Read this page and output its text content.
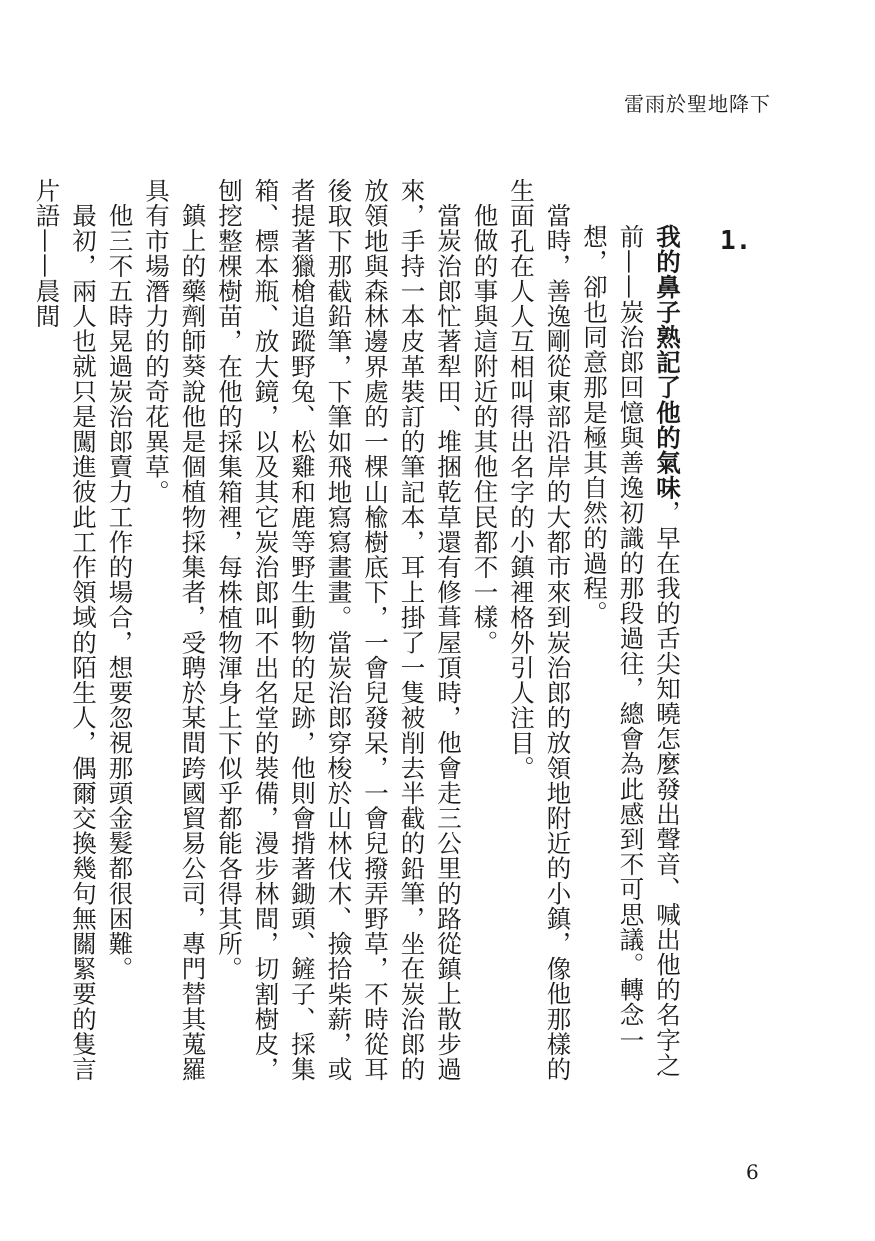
雷雨於聖地降下
1.

我的鼻子熟記了他的氣味，早在我的舌尖知曉怎麼發出聲音、喊出他的名字之前——炭治郎回憶與善逸初識的那段過往，總會為此感到不可思議。轉念一想，卻也同意那是極其自然的過程。

當時，善逸剛從東部沿岸的大都市來到炭治郎的放領地附近的小鎮，像他那樣的生面孔在人人互相叫得出名字的小鎮裡格外引人注目。

他做的事與這附近的其他住民都不一樣。

當炭治郎忙著犁田、堆捆乾草還有修葺屋頂時，他會走三公里的路從鎮上散步過來，手持一本皮革裝訂的筆記本，耳上掛了一隻被削去半截的鉛筆，坐在炭治郎的放領地與森林邊界處的一棵山楡樹底下，一會兒發呆，一會兒撥弄野草，不時從耳後取下那截鉛筆，下筆如飛地寫寫畫畫。當炭治郎穿梭於山林伐木、撿拾柴薪，或者提著獵槍追蹤野兔、松雞和鹿等野生動物的足跡，他則會揹著鋤頭、鏟子、採集箱、標本瓶、放大鏡，以及其它炭治郎叫不出名堂的裝備，漫步林間，切割樹皮，刨挖整棵樹苗，在他的採集箱裡，每株植物渾身上下似乎都能各得其所。

鎮上的藥劑師葵說他是個植物採集者，受聘於某間跨國貿易公司，專門替其蒐羅具有市場潛力的的奇花異草。

他三不五時晃過炭治郎賣力工作的場合，想要忽視那頭金髮都很困難。

最初，兩人也就只是闖進彼此工作領域的陌生人，偶爾交換幾句無關緊要的隻言片語——晨間

6
